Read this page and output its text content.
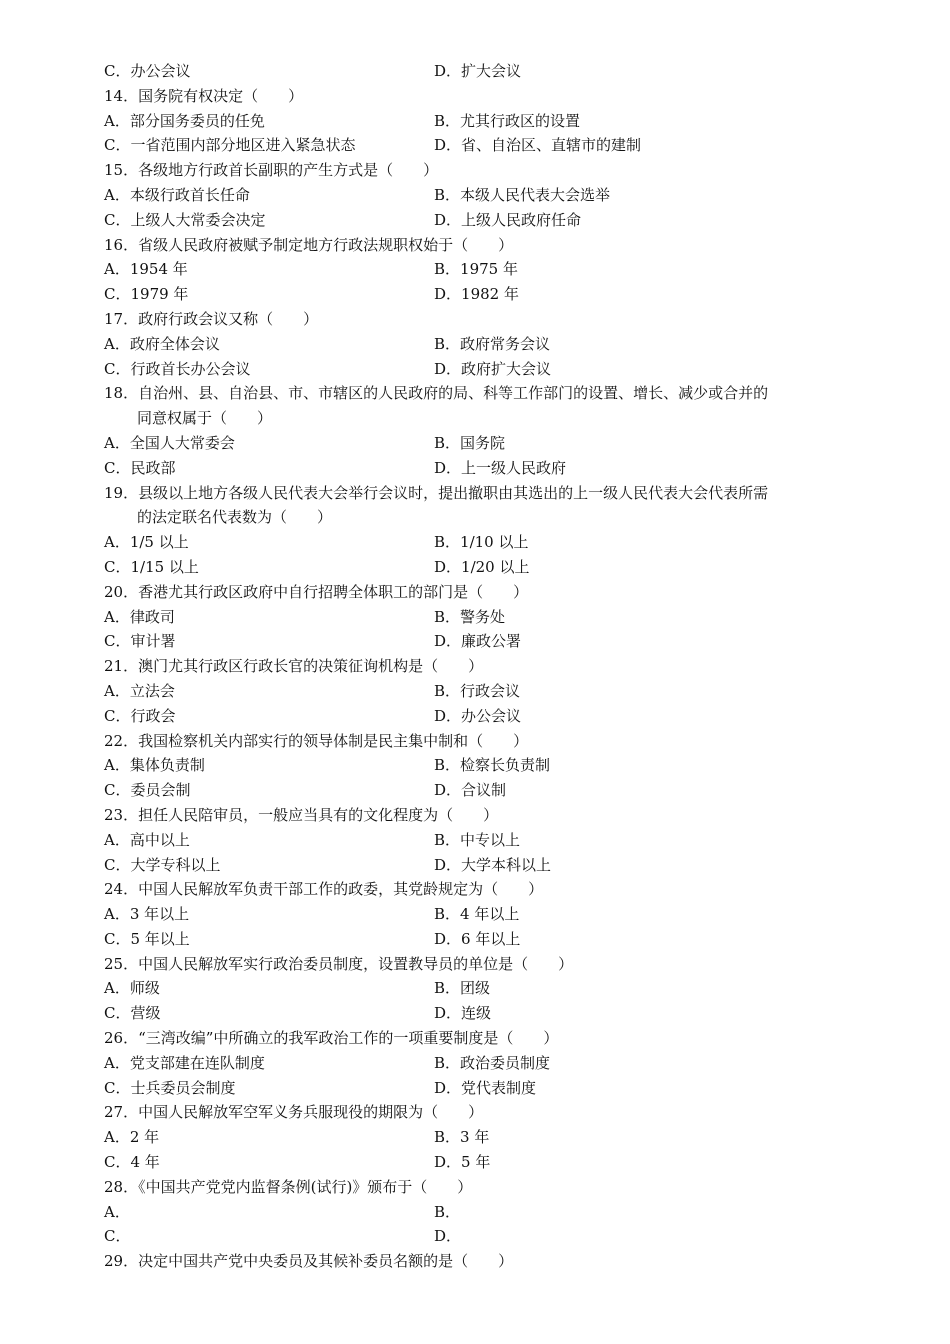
C．办公会议	D．扩大会议
14．国务院有权决定（　　）
A．部分国务委员的任免	B．尤其行政区的设置
C．一省范围内部分地区进入紧急状态	D．省、自治区、直辖市的建制
15．各级地方行政首长副职的产生方式是（　　）
A．本级行政首长任命	B．本级人民代表大会选举
C．上级人大常委会决定	D．上级人民政府任命
16．省级人民政府被赋予制定地方行政法规职权始于（　　）
A．1954 年	B．1975 年
C．1979 年	D．1982 年
17．政府行政会议又称（　　）
A．政府全体会议	B．政府常务会议
C．行政首长办公会议	D．政府扩大会议
18．自治州、县、自治县、市、市辖区的人民政府的局、科等工作部门的设置、增长、减少或合并的
同意权属于（　　）
A．全国人大常委会	B．国务院
C．民政部	D．上一级人民政府
19．县级以上地方各级人民代表大会举行会议时，提出撤职由其选出的上一级人民代表大会代表所需
的法定联名代表数为（　　）
A．1/5 以上	B．1/10 以上
C．1/15 以上	D．1/20 以上
20．香港尤其行政区政府中自行招聘全体职工的部门是（　　）
A．律政司	B．警务处
C．审计署	D．廉政公署
21．澳门尤其行政区行政长官的决策征询机构是（　　）
A．立法会	B．行政会议
C．行政会	D．办公会议
22．我国检察机关内部实行的领导体制是民主集中制和（　　）
A．集体负责制	B．检察长负责制
C．委员会制	D．合议制
23．担任人民陪审员，一般应当具有的文化程度为（　　）
A．高中以上	B．中专以上
C．大学专科以上	D．大学本科以上
24．中国人民解放军负责干部工作的政委，其党龄规定为（　　）
A．3 年以上	B．4 年以上
C．5 年以上	D．6 年以上
25．中国人民解放军实行政治委员制度，设置教导员的单位是（　　）
A．师级	B．团级
C．营级	D．连级
26．“三湾改编”中所确立的我军政治工作的一项重要制度是（　　）
A．党支部建在连队制度	B．政治委员制度
C．士兵委员会制度	D．党代表制度
27．中国人民解放军空军义务兵服现役的期限为（　　）
A．2 年	B．3 年
C．4 年	D．5 年
28．《中国共产党党内监督条例(试行)》颁布于（　　）
A．	B．
C．	D．
29．决定中国共产党中央委员及其候补委员名额的是（　　）
